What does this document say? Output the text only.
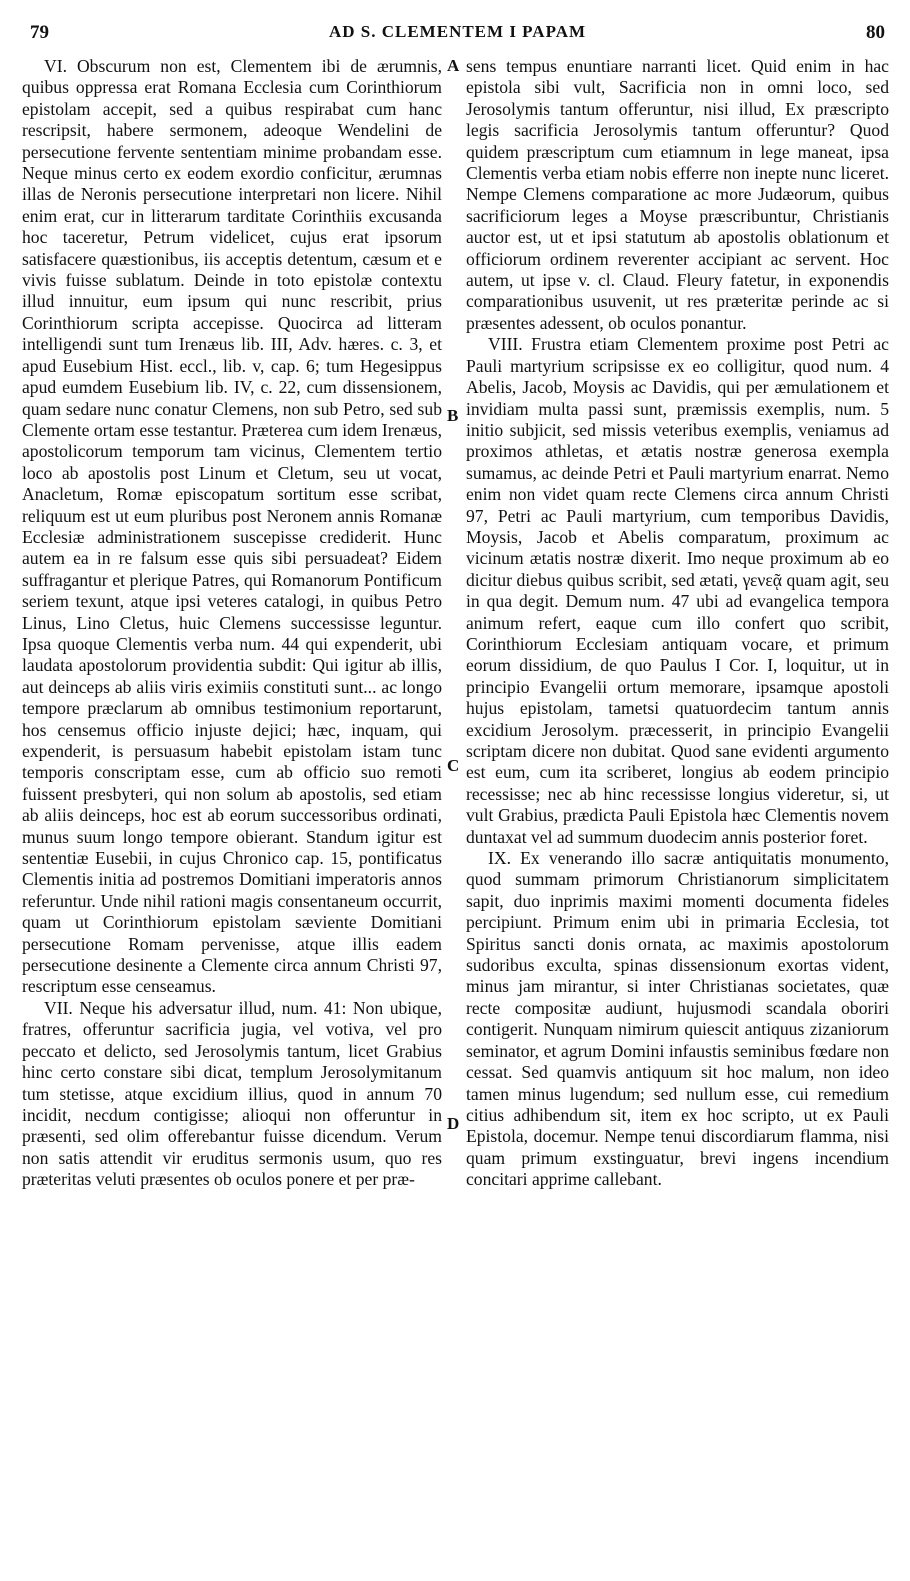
79	AD S. CLEMENTEM I PAPAM	80

VI. Obscurum non est, Clementem ibi de ærumnis, quibus oppressa erat Romana Ecclesia cum Corinthiorum epistolam accepit, sed a quibus respirabat cum hanc rescripsit, habere sermonem, adeoque Wendelini de persecutione fervente sententiam minime probandam esse. Neque minus certo ex eodem exordio conficitur, ærumnas illas de Neronis persecutione interpretari non licere. Nihil enim erat, cur in litterarum tarditate Corinthiis excusanda hoc taceretur, Petrum videlicet, cujus erat ipsorum satisfacere quæstionibus, iis acceptis detentum, cæsum et e vivis fuisse sublatum. Deinde in toto epistolæ contextu illud innuitur, eum ipsum qui nunc rescribit, prius Corinthiorum scripta accepisse. Quocirca ad litteram intelligendi sunt tum Irenæus lib. III, Adv. hæres. c. 3, et apud Eusebium Hist. eccl., lib. v, cap. 6; tum Hegesippus apud eumdem Eusebium lib. IV, c. 22, cum dissensionem, quam sedare nunc conatur Clemens, non sub Petro, sed sub Clemente ortam esse testantur. Præterea cum idem Irenæus, apostolicorum temporum tam vicinus, Clementem tertio loco ab apostolis post Linum et Cletum, seu ut vocat, Anacletum, Romæ episcopatum sortitum esse scribat, reliquum est ut eum pluribus post Neronem annis Romanæ Ecclesiæ administrationem suscepisse crediderit. Hunc autem ea in re falsum esse quis sibi persuadeat? Eidem suffragantur et plerique Patres, qui Romanorum Pontificum seriem texunt, atque ipsi veteres catalogi, in quibus Petro Linus, Lino Cletus, huic Clemens successisse leguntur. Ipsa quoque Clementis verba num. 44 qui expenderit, ubi laudata apostolorum providentia subdit: Qui igitur ab illis, aut deinceps ab aliis viris eximiis constituti sunt... ac longo tempore præclarum ab omnibus testimonium reportarunt, hos censemus officio injuste dejici; hæc, inquam, qui expenderit, is persuasum habebit epistolam istam tunc temporis conscriptam esse, cum ab officio suo remoti fuissent presbyteri, qui non solum ab apostolis, sed etiam ab aliis deinceps, hoc est ab eorum successoribus ordinati, munus suum longo tempore obierant. Standum igitur est sententiæ Eusebii, in cujus Chronico cap. 15, pontificatus Clementis initia ad postremos Domitiani imperatoris annos referuntur. Unde nihil rationi magis consentaneum occurrit, quam ut Corinthiorum epistolam sæviente Domitiani persecutione Romam pervenisse, atque illis eadem persecutione desinente a Clemente circa annum Christi 97, rescriptum esse censeamus.

VII. Neque his adversatur illud, num. 41: Non ubique, fratres, offeruntur sacrificia jugia, vel votiva, vel pro peccato et delicto, sed Jerosolymis tantum, licet Grabius hinc certo constare sibi dicat, templum Jerosolymitanum tum stetisse, atque excidium illius, quod in annum 70 incidit, necdum contigisse; alioqui non offeruntur in præsenti, sed olim offerebantur fuisse dicendum. Verum non satis attendit vir eruditus sermonis usum, quo res præteritas veluti præsentes ob oculos ponere et per præ-

sens tempus enuntiare narranti licet. Quid enim in hac epistola sibi vult, Sacrificia non in omni loco, sed Jerosolymis tantum offeruntur, nisi illud, Ex præscripto legis sacrificia Jerosolymis tantum offeruntur? Quod quidem præscriptum cum etiamnum in lege maneat, ipsa Clementis verba etiam nobis efferre non inepte nunc liceret. Nempe Clemens comparatione ac more Judæorum, quibus sacrificiorum leges a Moyse præscribuntur, Christianis auctor est, ut et ipsi statutum ab apostolis oblationum et officiorum ordinem reverenter accipiant ac servent. Hoc autem, ut ipse v. cl. Claud. Fleury fatetur, in exponendis comparationibus usuvenit, ut res præteritæ perinde ac si præsentes adessent, ob oculos ponantur.

VIII. Frustra etiam Clementem proxime post Petri ac Pauli martyrium scripsisse ex eo colligitur, quod num. 4 Abelis, Jacob, Moysis ac Davidis, qui per æmulationem et invidiam multa passi sunt, præmissis exemplis, num. 5 initio subjicit, sed missis veteribus exemplis, veniamus ad proximos athletas, et ætatis nostræ generosa exempla sumamus, ac deinde Petri et Pauli martyrium enarrat. Nemo enim non videt quam recte Clemens circa annum Christi 97, Petri ac Pauli martyrium, cum temporibus Davidis, Moysis, Jacob et Abelis comparatum, proximum ac vicinum ætatis nostræ dixerit. Imo neque proximum ab eo dicitur diebus quibus scribit, sed ætati, γενεᾷ quam agit, seu in qua degit. Demum num. 47 ubi ad evangelica tempora animum refert, eaque cum illo confert quo scribit, Corinthiorum Ecclesiam antiquam vocare, et primum eorum dissidium, de quo Paulus I Cor. I, loquitur, ut in principio Evangelii ortum memorare, ipsamque apostoli hujus epistolam, tametsi quatuordecim tantum annis excidium Jerosolym. præcesserit, in principio Evangelii scriptam dicere non dubitat. Quod sane evidenti argumento est eum, cum ita scriberet, longius ab eodem principio recessisse; nec ab hinc recessisse longius videretur, si, ut vult Grabius, prædicta Pauli Epistola hæc Clementis novem duntaxat vel ad summum duodecim annis posterior foret.

IX. Ex venerando illo sacræ antiquitatis monumento, quod summam primorum Christianorum simplicitatem sapit, duo inprimis maximi momenti documenta fideles percipiunt. Primum enim ubi in primaria Ecclesia, tot Spiritus sancti donis ornata, ac maximis apostolorum sudoribus exculta, spinas dissensionum exortas vident, minus jam mirantur, si inter Christianas societates, quæ recte compositæ audiunt, hujusmodi scandala oboriri contigerit. Nunquam nimirum quiescit antiquus zizaniorum seminator, et agrum Domini infaustis seminibus fœdare non cessat. Sed quamvis antiquum sit hoc malum, non ideo tamen minus lugendum; sed nullum esse, cui remedium citius adhibendum sit, item ex hoc scripto, ut ex Pauli Epistola, docemur. Nempe tenui discordiarum flamma, nisi quam primum exstinguatur, brevi ingens incendium concitari apprime callebant.

A
B
C
D
